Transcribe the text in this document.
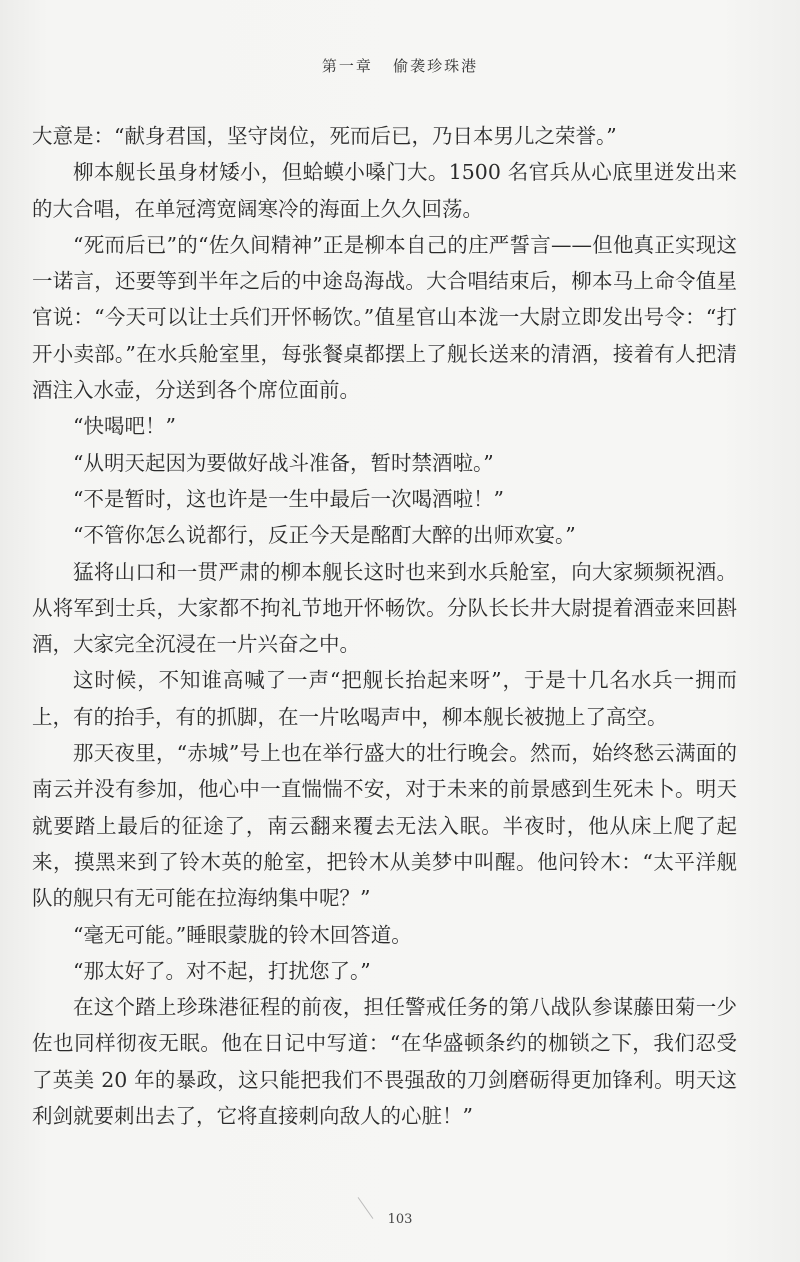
第一章 偷袭珍珠港

大意是：“献身君国，坚守岗位，死而后已，乃日本男儿之荣誉。”

柳本舰长虽身材矮小，但蛤蟆小嗓门大。1500 名官兵从心底里迸发出来的大合唱，在单冠湾宽阔寒冷的海面上久久回荡。

“死而后已”的“佐久间精神”正是柳本自己的庄严誓言——但他真正实现这一诺言，还要等到半年之后的中途岛海战。大合唱结束后，柳本马上命令值星官说：“今天可以让士兵们开怀畅饮。”值星官山本泷一大尉立即发出号令：“打开小卖部。”在水兵舱室里，每张餐桌都摆上了舰长送来的清酒，接着有人把清酒注入水壶，分送到各个席位面前。

“快喝吧！”

“从明天起因为要做好战斗准备，暂时禁酒啦。”

“不是暂时，这也许是一生中最后一次喝酒啦！”

“不管你怎么说都行，反正今天是酩酊大醉的出师欢宴。”

猛将山口和一贯严肃的柳本舰长这时也来到水兵舱室，向大家频频祝酒。从将军到士兵，大家都不拘礼节地开怀畅饮。分队长长井大尉提着酒壶来回斟酒，大家完全沉浸在一片兴奋之中。

这时候，不知谁高喊了一声“把舰长抬起来呀”，于是十几名水兵一拥而上，有的抬手，有的抓脚，在一片吆喝声中，柳本舰长被抛上了高空。

那天夜里，“赤城”号上也在举行盛大的壮行晚会。然而，始终愁云满面的南云并没有参加，他心中一直惴惴不安，对于未来的前景感到生死未卜。明天就要踏上最后的征途了，南云翻来覆去无法入眠。半夜时，他从床上爬了起来，摸黑来到了铃木英的舱室，把铃木从美梦中叫醒。他问铃木：“太平洋舰队的舰只有无可能在拉海纳集中呢？”

“毫无可能。”睡眼蒙胧的铃木回答道。

“那太好了。对不起，打扰您了。”

在这个踏上珍珠港征程的前夜，担任警戒任务的第八战队参谋藤田菊一少佐也同样彻夜无眠。他在日记中写道：“在华盛顿条约的枷锁之下，我们忍受了英美 20 年的暴政，这只能把我们不畏强敌的刀剑磨砺得更加锋利。明天这利剑就要刺出去了，它将直接刺向敌人的心脏！”

103
